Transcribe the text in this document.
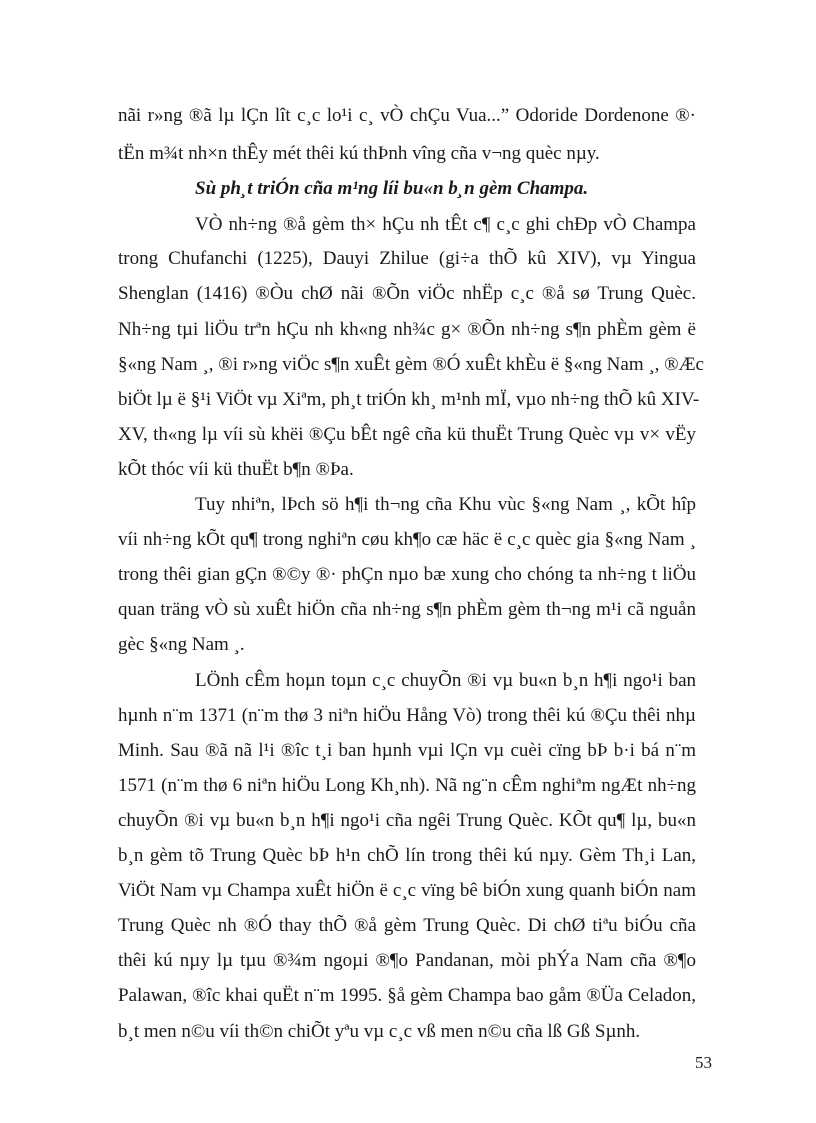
nãi r»ng ®ã lµ lÇn lît c¸c lo¹i c¸ vÒ chÇu Vua...” Odoride Dordenone ®·
tËn m¾t nh×n thÊy mét thêi kú thÞnh vîng cña v¬ng quèc nµy.
Sù ph¸t triÓn cña m¹ng líi bu«n b¸n gèm Champa.
VÒ nh÷ng ®å gèm th× hÇu nh tÊt c¶ c¸c ghi chÐp vÒ Champa
trong Chufanchi (1225), Dauyi Zhilue (gi÷a thÕ kû XIV), vµ Yingua
Shenglan (1416) ®Òu chØ nãi ®Õn viÖc nhËp c¸c ®å sø Trung Quèc.
Nh÷ng tµi liÖu trªn hÇu nh kh«ng nh¾c g× ®Õn nh÷ng s¶n phÈm gèm ë
§«ng Nam ¸, ®i r»ng viÖc s¶n xuÊt gèm ®Ó xuÊt khÈu ë §«ng Nam ¸, ®Æc
biÖt lµ ë §¹i ViÖt vµ Xiªm, ph¸t triÓn kh¸ m¹nh mÏ, vµo nh÷ng thÕ kû XIV-
XV, th«ng lµ víi sù khëi ®Çu bÊt ngê cña kü thuËt Trung Quèc vµ v× vËy
kÕt thóc víi kü thuËt b¶n ®Þa.
Tuy nhiªn, lÞch sö h¶i th¬ng cña Khu vùc §«ng Nam ¸, kÕt hîp
víi nh÷ng kÕt qu¶ trong nghiªn cøu kh¶o cæ häc ë c¸c quèc gia §«ng Nam ¸
trong thêi gian gÇn ®©y ®· phÇn nµo bæ xung cho chóng ta nh÷ng t liÖu
quan träng vÒ sù xuÊt hiÖn cña nh÷ng s¶n phÈm gèm th¬ng m¹i cã nguån
gèc §«ng Nam ¸.
LÖnh cÊm hoµn toµn c¸c chuyÕn ®i vµ bu«n b¸n h¶i ngo¹i ban
hµnh n¨m 1371 (n¨m thø 3 niªn hiÖu Hång Vò) trong thêi kú ®Çu thêi nhµ
Minh. Sau ®ã nã l¹i ®îc t¸i ban hµnh vµi lÇn vµ cuèi cïng bÞ b·i bá n¨m
1571 (n¨m thø 6 niªn hiÖu Long Kh¸nh). Nã ng¨n cÊm nghiªm ngÆt nh÷ng
chuyÕn ®i vµ bu«n b¸n h¶i ngo¹i cña ngêi Trung Quèc. KÕt qu¶ lµ, bu«n
b¸n gèm tõ Trung Quèc bÞ h¹n chÕ lín trong thêi kú nµy. Gèm Th¸i Lan,
ViÖt Nam vµ Champa xuÊt hiÖn ë c¸c vïng bê biÓn xung quanh biÓn nam
Trung Quèc nh ®Ó thay thÕ ®å gèm Trung Quèc. Di chØ tiªu biÓu cña
thêi kú nµy lµ tµu ®¾m ngoµi ®¶o Pandanan, mòi phÝa Nam cña ®¶o
Palawan, ®îc khai quËt n¨m 1995. §å gèm Champa bao gåm ®Üa Celadon,
b¸t men n©u víi th©n chiÕt yªu vµ c¸c vß men n©u cña lß Gß Sµnh.
53
